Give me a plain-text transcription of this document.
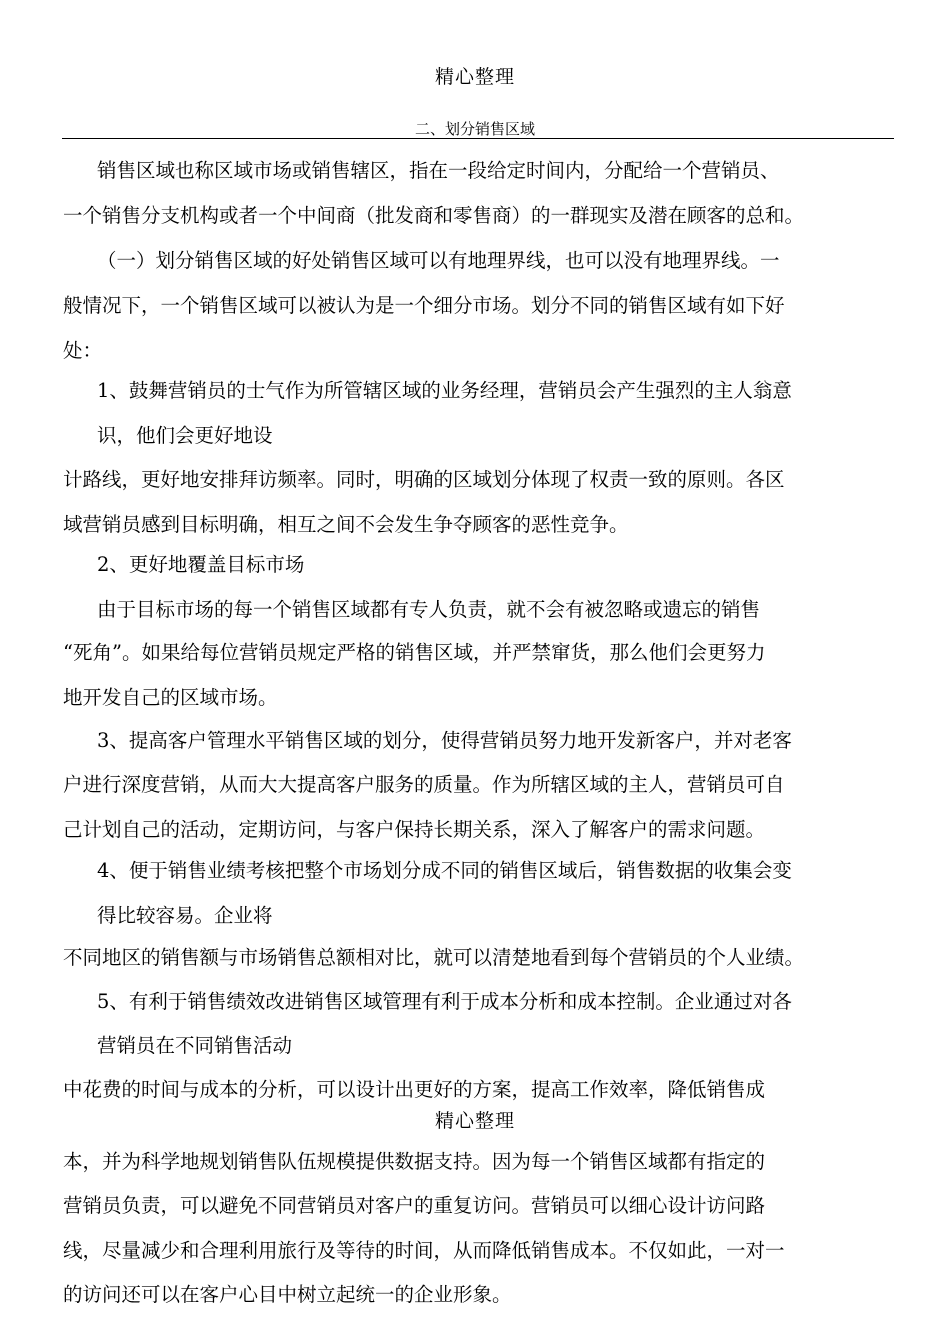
精心整理
二、划分销售区域
销售区域也称区域市场或销售辖区，指在一段给定时间内，分配给一个营销员、
一个销售分支机构或者一个中间商（批发商和零售商）的一群现实及潜在顾客的总和。
（一）划分销售区域的好处销售区域可以有地理界线，也可以没有地理界线。一
般情况下，一个销售区域可以被认为是一个细分市场。划分不同的销售区域有如下好
处：
1、鼓舞营销员的士气作为所管辖区域的业务经理，营销员会产生强烈的主人翁意
识，他们会更好地设
计路线，更好地安排拜访频率。同时，明确的区域划分体现了权责一致的原则。各区
域营销员感到目标明确，相互之间不会发生争夺顾客的恶性竞争。
2、更好地覆盖目标市场
由于目标市场的每一个销售区域都有专人负责，就不会有被忽略或遗忘的销售
“死角”。如果给每位营销员规定严格的销售区域，并严禁窜货，那么他们会更努力
地开发自己的区域市场。
3、提高客户管理水平销售区域的划分，使得营销员努力地开发新客户，并对老客
户进行深度营销，从而大大提高客户服务的质量。作为所辖区域的主人，营销员可自
己计划自己的活动，定期访问，与客户保持长期关系，深入了解客户的需求问题。
4、便于销售业绩考核把整个市场划分成不同的销售区域后，销售数据的收集会变
得比较容易。企业将
不同地区的销售额与市场销售总额相对比，就可以清楚地看到每个营销员的个人业绩。
5、有利于销售绩效改进销售区域管理有利于成本分析和成本控制。企业通过对各
营销员在不同销售活动
中花费的时间与成本的分析，可以设计出更好的方案，提高工作效率，降低销售成
精心整理
本，并为科学地规划销售队伍规模提供数据支持。因为每一个销售区域都有指定的
营销员负责，可以避免不同营销员对客户的重复访问。营销员可以细心设计访问路
线，尽量减少和合理利用旅行及等待的时间，从而降低销售成本。不仅如此，一对一
的访问还可以在客户心目中树立起统一的企业形象。
